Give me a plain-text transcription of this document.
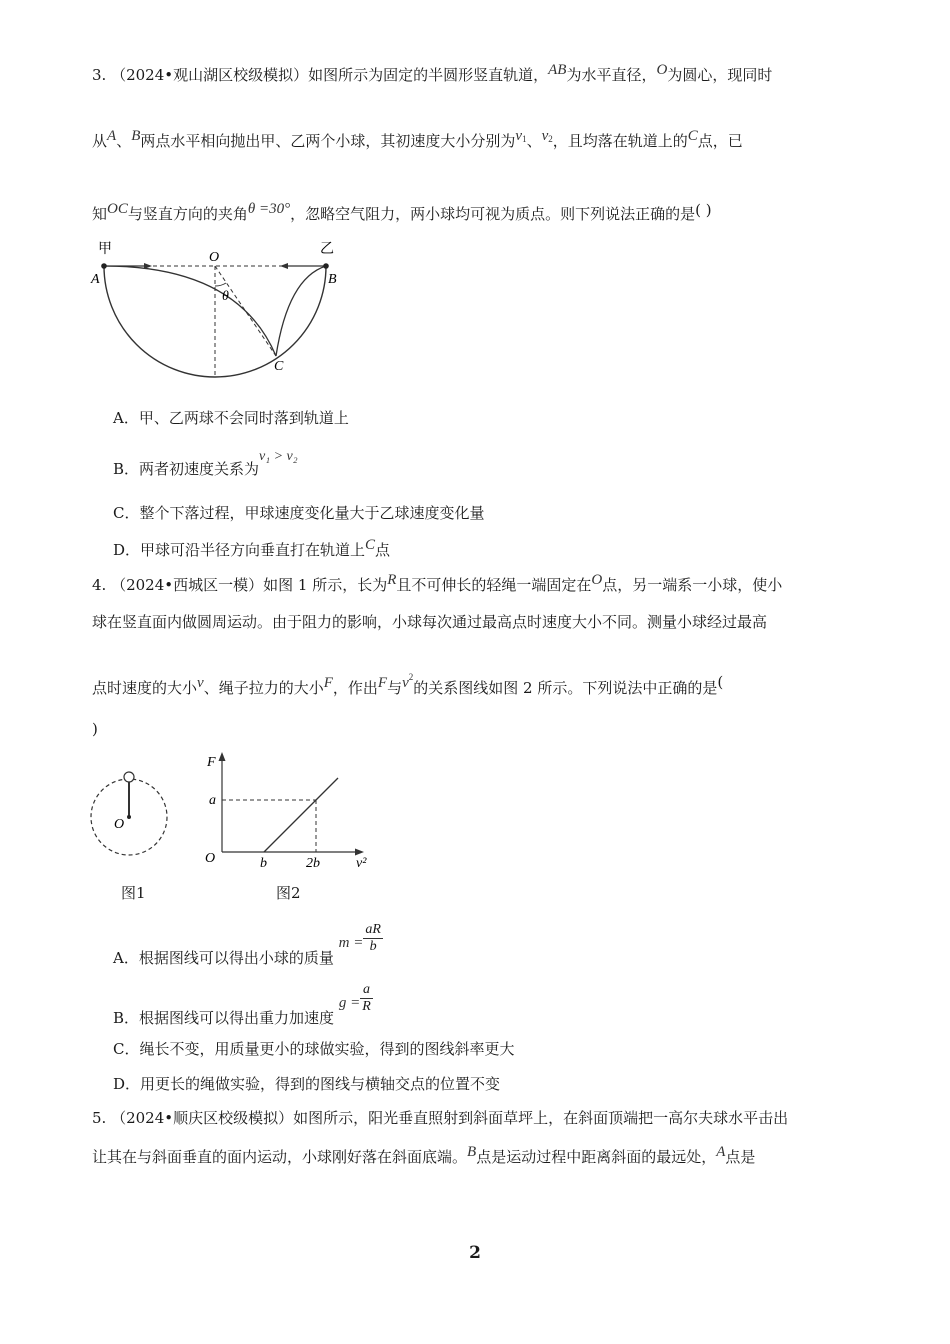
3. （2024•观山湖区校级模拟）如图所示为固定的半圆形竖直轨道，AB为水平直径，O为圆心，现同时
从A、B两点水平相向抛出甲、乙两个小球，其初速度大小分别为v1、v2，且均落在轨道上的C点，已
知OC与竖直方向的夹角θ =30°，忽略空气阻力，两小球均可视为质点。则下列说法正确的是( )
甲	乙
A	B
O
C
θ
A．甲、乙两球不会同时落到轨道上
B．两者初速度关系为v₁ > v₂
C．整个下落过程，甲球速度变化量大于乙球速度变化量
D．甲球可沿半径方向垂直打在轨道上C点
4. （2024•西城区一模）如图 1 所示，长为R且不可伸长的轻绳一端固定在O点，另一端系一小球，使小
球在竖直面内做圆周运动。由于阻力的影响，小球每次通过最高点时速度大小不同。测量小球经过最高
点时速度的大小v、绳子拉力的大小F，作出F与$v^2$的关系图线如图 2 所示。下列说法中正确的是(
)
O
图1
F
a
O	b	2b	v²
图2
A．根据图线可以得出小球的质量 $m = \frac{aR}{b}$
B．根据图线可以得出重力加速度 $g = \frac{a}{R}$
C．绳长不变，用质量更小的球做实验，得到的图线斜率更大
D．用更长的绳做实验，得到的图线与横轴交点的位置不变
5. （2024•顺庆区校级模拟）如图所示，阳光垂直照射到斜面草坪上，在斜面顶端把一高尔夫球水平击出
让其在与斜面垂直的面内运动，小球刚好落在斜面底端。B点是运动过程中距离斜面的最远处，A点是
2
